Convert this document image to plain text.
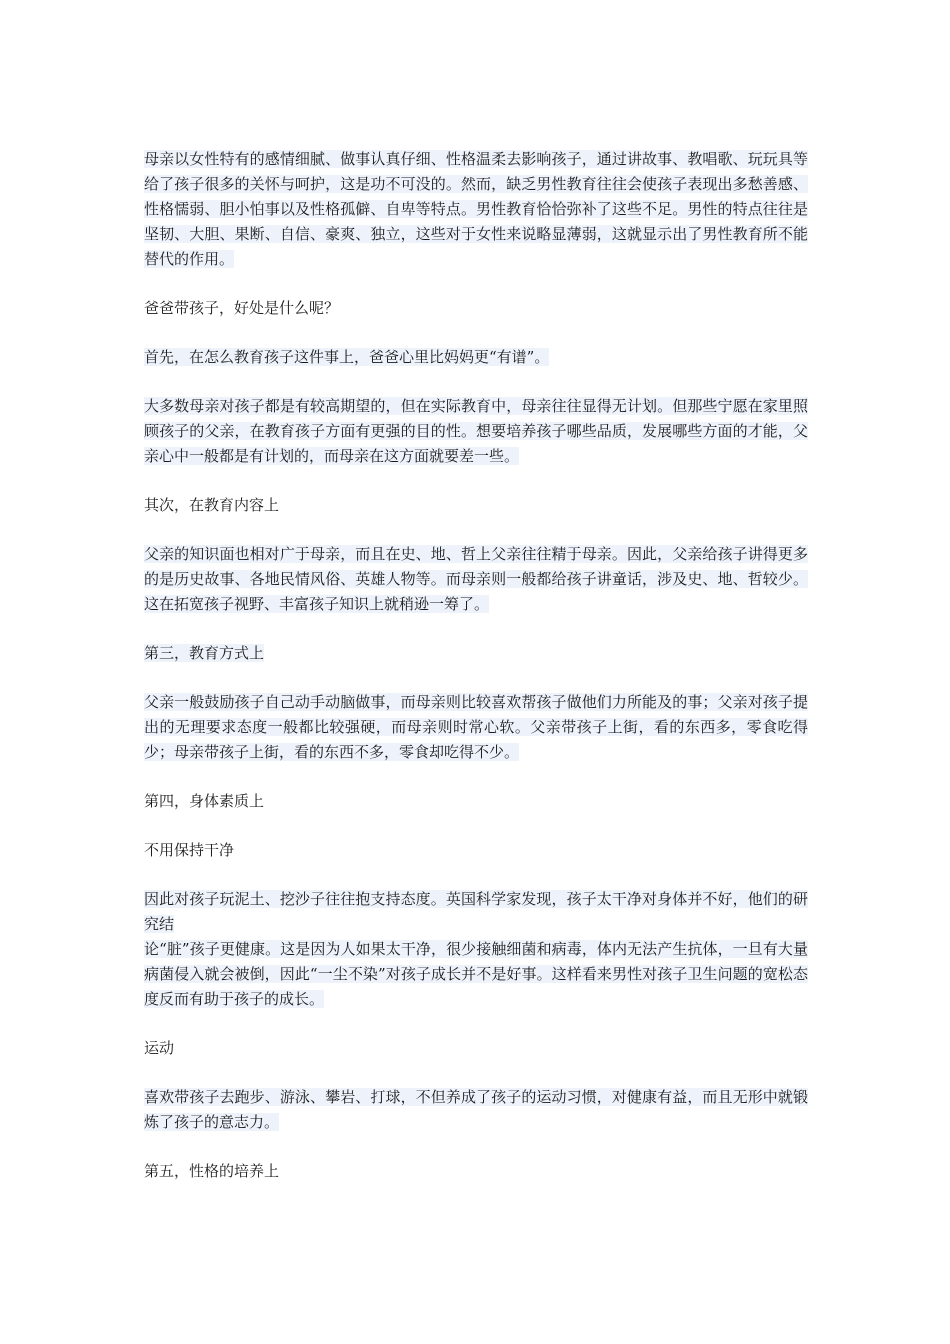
母亲以女性特有的感情细腻、做事认真仔细、性格温柔去影响孩子，通过讲故事、教唱歌、玩玩具等给了孩子很多的关怀与呵护，这是功不可没的。然而，缺乏男性教育往往会使孩子表现出多愁善感、性格懦弱、胆小怕事以及性格孤僻、自卑等特点。男性教育恰恰弥补了这些不足。男性的特点往往是坚韧、大胆、果断、自信、豪爽、独立，这些对于女性来说略显薄弱，这就显示出了男性教育所不能替代的作用。

爸爸带孩子，好处是什么呢？

首先，在怎么教育孩子这件事上，爸爸心里比妈妈更“有谱”。

大多数母亲对孩子都是有较高期望的，但在实际教育中，母亲往往显得无计划。但那些宁愿在家里照顾孩子的父亲，在教育孩子方面有更强的目的性。想要培养孩子哪些品质，发展哪些方面的才能，父亲心中一般都是有计划的，而母亲在这方面就要差一些。

其次，在教育内容上

父亲的知识面也相对广于母亲，而且在史、地、哲上父亲往往精于母亲。因此，父亲给孩子讲得更多的是历史故事、各地民情风俗、英雄人物等。而母亲则一般都给孩子讲童话，涉及史、地、哲较少。这在拓宽孩子视野、丰富孩子知识上就稍逊一筹了。

第三，教育方式上

父亲一般鼓励孩子自己动手动脑做事，而母亲则比较喜欢帮孩子做他们力所能及的事；父亲对孩子提出的无理要求态度一般都比较强硬，而母亲则时常心软。父亲带孩子上街，看的东西多，零食吃得少；母亲带孩子上街，看的东西不多，零食却吃得不少。

第四，身体素质上

不用保持干净

因此对孩子玩泥土、挖沙子往往抱支持态度。英国科学家发现，孩子太干净对身体并不好，他们的研究结
论“脏”孩子更健康。这是因为人如果太干净，很少接触细菌和病毒，体内无法产生抗体，一旦有大量病菌侵入就会被倒，因此“一尘不染”对孩子成长并不是好事。这样看来男性对孩子卫生问题的宽松态度反而有助于孩子的成长。

运动

喜欢带孩子去跑步、游泳、攀岩、打球，不但养成了孩子的运动习惯，对健康有益，而且无形中就锻炼了孩子的意志力。

第五，性格的培养上
